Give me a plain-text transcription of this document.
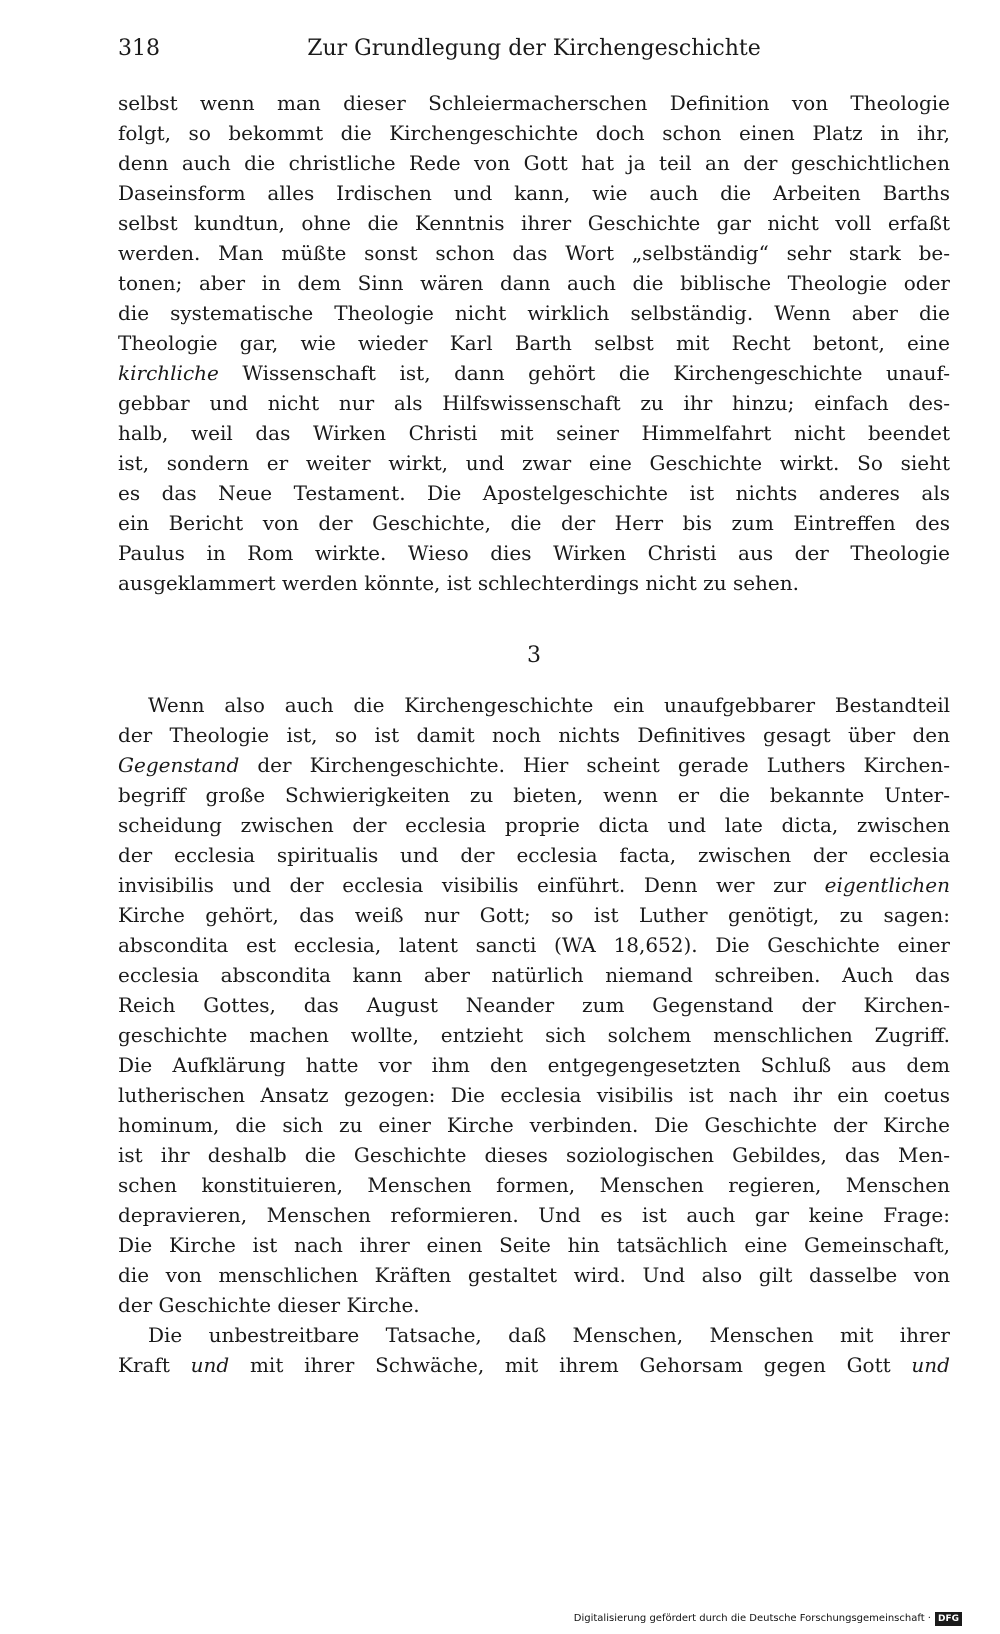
318	Zur Grundlegung der Kirchengeschichte
selbst wenn man dieser Schleiermacherschen Definition von Theologie
folgt, so bekommt die Kirchengeschichte doch schon einen Platz in ihr,
denn auch die christliche Rede von Gott hat ja teil an der geschichtlichen
Daseinsform alles Irdischen und kann, wie auch die Arbeiten Barths
selbst kundtun, ohne die Kenntnis ihrer Geschichte gar nicht voll erfaßt
werden. Man müßte sonst schon das Wort „selbständig“ sehr stark be-
tonen; aber in dem Sinn wären dann auch die biblische Theologie oder
die systematische Theologie nicht wirklich selbständig. Wenn aber die
Theologie gar, wie wieder Karl Barth selbst mit Recht betont, eine
kirchliche Wissenschaft ist, dann gehört die Kirchengeschichte unauf-
gebbar und nicht nur als Hilfswissenschaft zu ihr hinzu; einfach des-
halb, weil das Wirken Christi mit seiner Himmelfahrt nicht beendet
ist, sondern er weiter wirkt, und zwar eine Geschichte wirkt. So sieht
es das Neue Testament. Die Apostelgeschichte ist nichts anderes als
ein Bericht von der Geschichte, die der Herr bis zum Eintreffen des
Paulus in Rom wirkte. Wieso dies Wirken Christi aus der Theologie
ausgeklammert werden könnte, ist schlechterdings nicht zu sehen.
3
Wenn also auch die Kirchengeschichte ein unaufgebbarer Bestandteil
der Theologie ist, so ist damit noch nichts Definitives gesagt über den
Gegenstand der Kirchengeschichte. Hier scheint gerade Luthers Kirchen-
begriff große Schwierigkeiten zu bieten, wenn er die bekannte Unter-
scheidung zwischen der ecclesia proprie dicta und late dicta, zwischen
der ecclesia spiritualis und der ecclesia facta, zwischen der ecclesia
invisibilis und der ecclesia visibilis einführt. Denn wer zur eigentlichen
Kirche gehört, das weiß nur Gott; so ist Luther genötigt, zu sagen:
abscondita est ecclesia, latent sancti (WA 18,652). Die Geschichte einer
ecclesia abscondita kann aber natürlich niemand schreiben. Auch das
Reich Gottes, das August Neander zum Gegenstand der Kirchen-
geschichte machen wollte, entzieht sich solchem menschlichen Zugriff.
Die Aufklärung hatte vor ihm den entgegengesetzten Schluß aus dem
lutherischen Ansatz gezogen: Die ecclesia visibilis ist nach ihr ein coetus
hominum, die sich zu einer Kirche verbinden. Die Geschichte der Kirche
ist ihr deshalb die Geschichte dieses soziologischen Gebildes, das Men-
schen konstituieren, Menschen formen, Menschen regieren, Menschen
depravieren, Menschen reformieren. Und es ist auch gar keine Frage:
Die Kirche ist nach ihrer einen Seite hin tatsächlich eine Gemeinschaft,
die von menschlichen Kräften gestaltet wird. Und also gilt dasselbe von
der Geschichte dieser Kirche.
Die unbestreitbare Tatsache, daß Menschen, Menschen mit ihrer
Kraft und mit ihrer Schwäche, mit ihrem Gehorsam gegen Gott und
Digitalisierung gefördert durch die Deutsche Forschungsgemeinschaft · DFG
